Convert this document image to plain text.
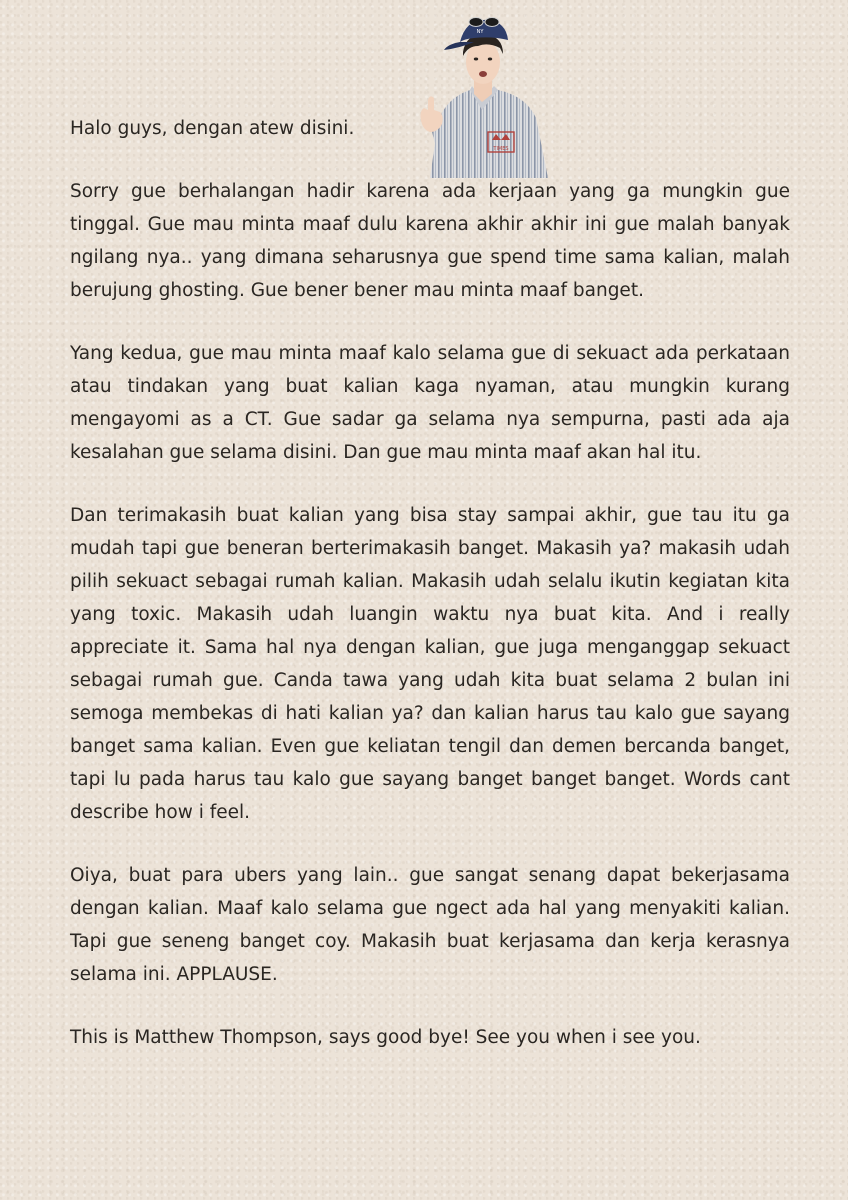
NY
TIMES

Halo guys, dengan atew disini.

Sorry gue berhalangan hadir karena ada kerjaan yang ga mungkin gue tinggal. Gue mau minta maaf dulu karena akhir akhir ini gue malah banyak ngilang nya.. yang dimana seharusnya gue spend time sama kalian, malah berujung ghosting. Gue bener bener mau minta maaf banget.

Yang kedua, gue mau minta maaf kalo selama gue di sekuact ada perkataan atau tindakan yang buat kalian kaga nyaman, atau mungkin kurang mengayomi as a CT. Gue sadar ga selama nya sempurna, pasti ada aja kesalahan gue selama disini. Dan gue mau minta maaf akan hal itu.

Dan terimakasih buat kalian yang bisa stay sampai akhir, gue tau itu ga mudah tapi gue beneran berterimakasih banget. Makasih ya? makasih udah pilih sekuact sebagai rumah kalian. Makasih udah selalu ikutin kegiatan kita yang toxic. Makasih udah luangin waktu nya buat kita. And i really appreciate it. Sama hal nya dengan kalian, gue juga menganggap sekuact sebagai rumah gue. Canda tawa yang udah kita buat selama 2 bulan ini semoga membekas di hati kalian ya? dan kalian harus tau kalo gue sayang banget sama kalian. Even gue keliatan tengil dan demen bercanda banget, tapi lu pada harus tau kalo gue sayang banget banget banget. Words cant describe how i feel.

Oiya, buat para ubers yang lain.. gue sangat senang dapat bekerjasama dengan kalian. Maaf kalo selama gue ngect ada hal yang menyakiti kalian. Tapi gue seneng banget coy. Makasih buat kerjasama dan kerja kerasnya selama ini. APPLAUSE.

This is Matthew Thompson, says good bye! See you when i see you.
